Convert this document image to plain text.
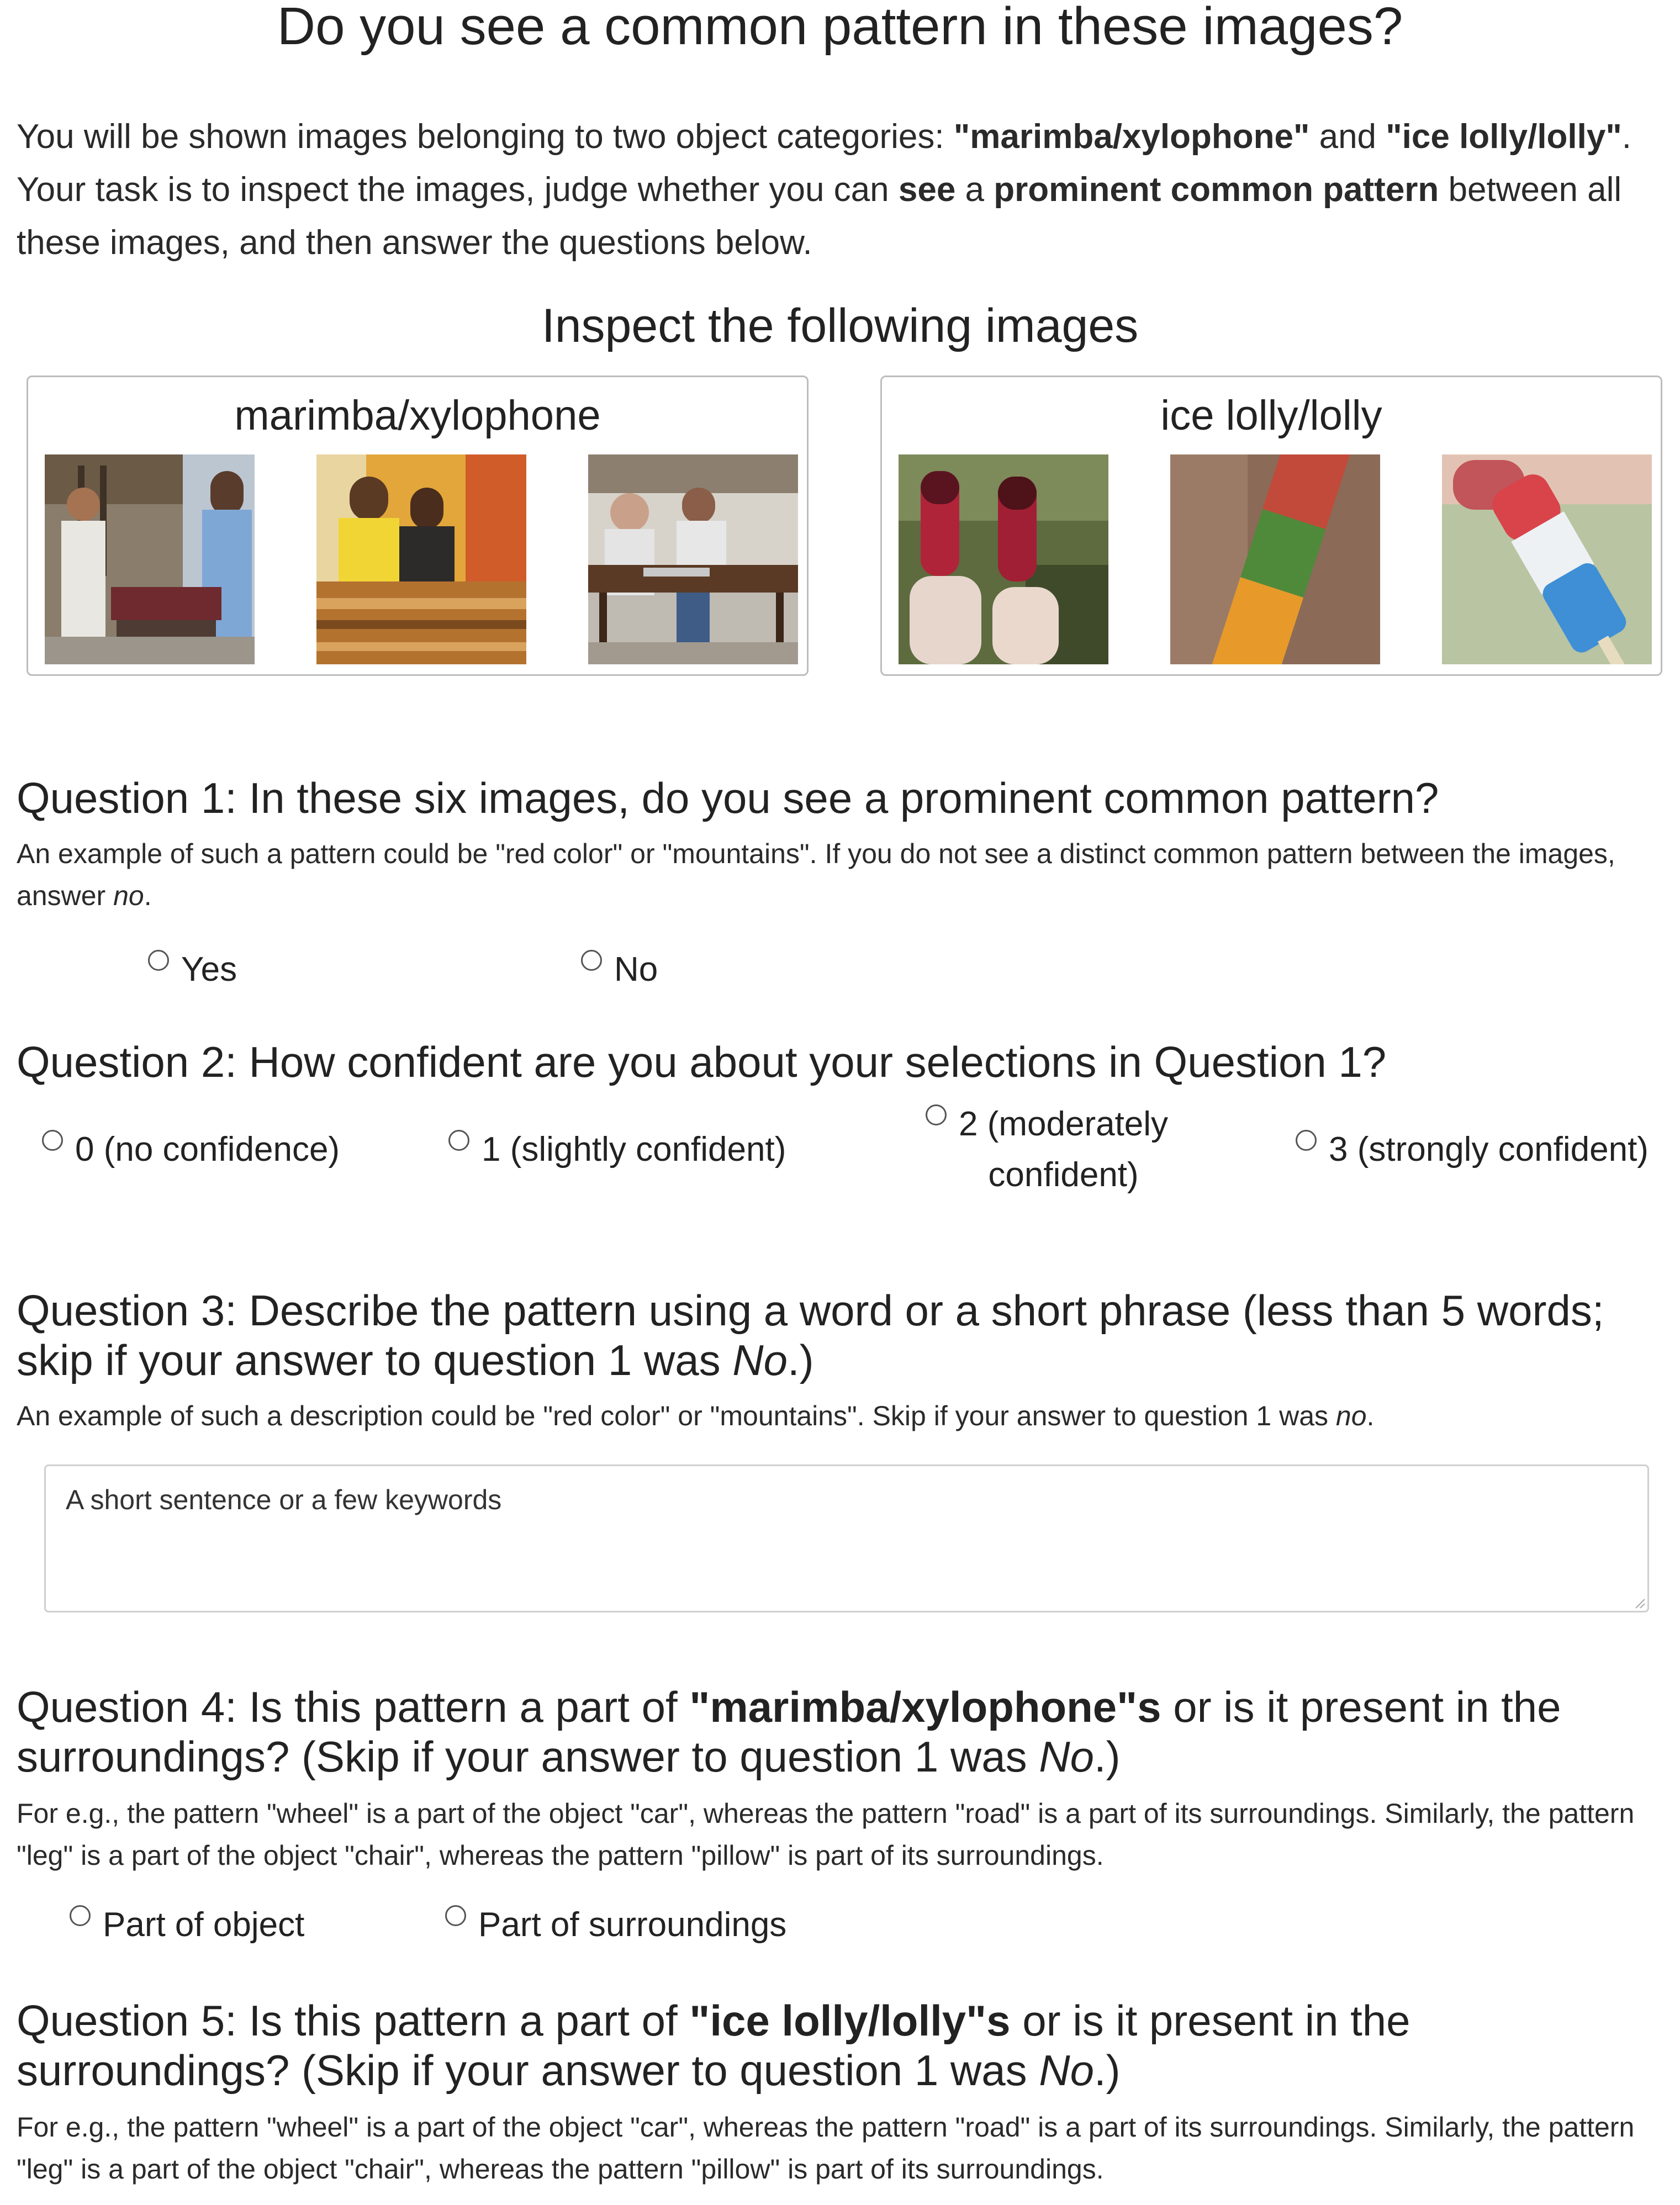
Do you see a common pattern in these images?

You will be shown images belonging to two object categories: "marimba/xylophone" and "ice lolly/lolly". Your task is to inspect the images, judge whether you can see a prominent common pattern between all these images, and then answer the questions below.

Inspect the following images
marimba/xylophone	ice lolly/lolly
Question 1: In these six images, do you see a prominent common pattern?

An example of such a pattern could be "red color" or "mountains". If you do not see a distinct common pattern between the images, answer no.

Yes	No
Question 2: How confident are you about your selections in Question 1?
0 (no confidence)	1 (slightly confident)
2 (moderately
confident)
3 (strongly confident)
Question 3: Describe the pattern using a word or a short phrase (less than 5 words;
skip if your answer to question 1 was No.)

An example of such a description could be "red color" or "mountains". Skip if your answer to question 1 was no.

A short sentence or a few keywords
Question 4: Is this pattern a part of "marimba/xylophone"s or is it present in the
surroundings? (Skip if your answer to question 1 was No.)

For e.g., the pattern "wheel" is a part of the object "car", whereas the pattern "road" is a part of its surroundings. Similarly, the pattern
"leg" is a part of the object "chair", whereas the pattern "pillow" is part of its surroundings.

Part of object	Part of surroundings
Question 5: Is this pattern a part of "ice lolly/lolly"s or is it present in the
surroundings? (Skip if your answer to question 1 was No.)

For e.g., the pattern "wheel" is a part of the object "car", whereas the pattern "road" is a part of its surroundings. Similarly, the pattern
"leg" is a part of the object "chair", whereas the pattern "pillow" is part of its surroundings.
